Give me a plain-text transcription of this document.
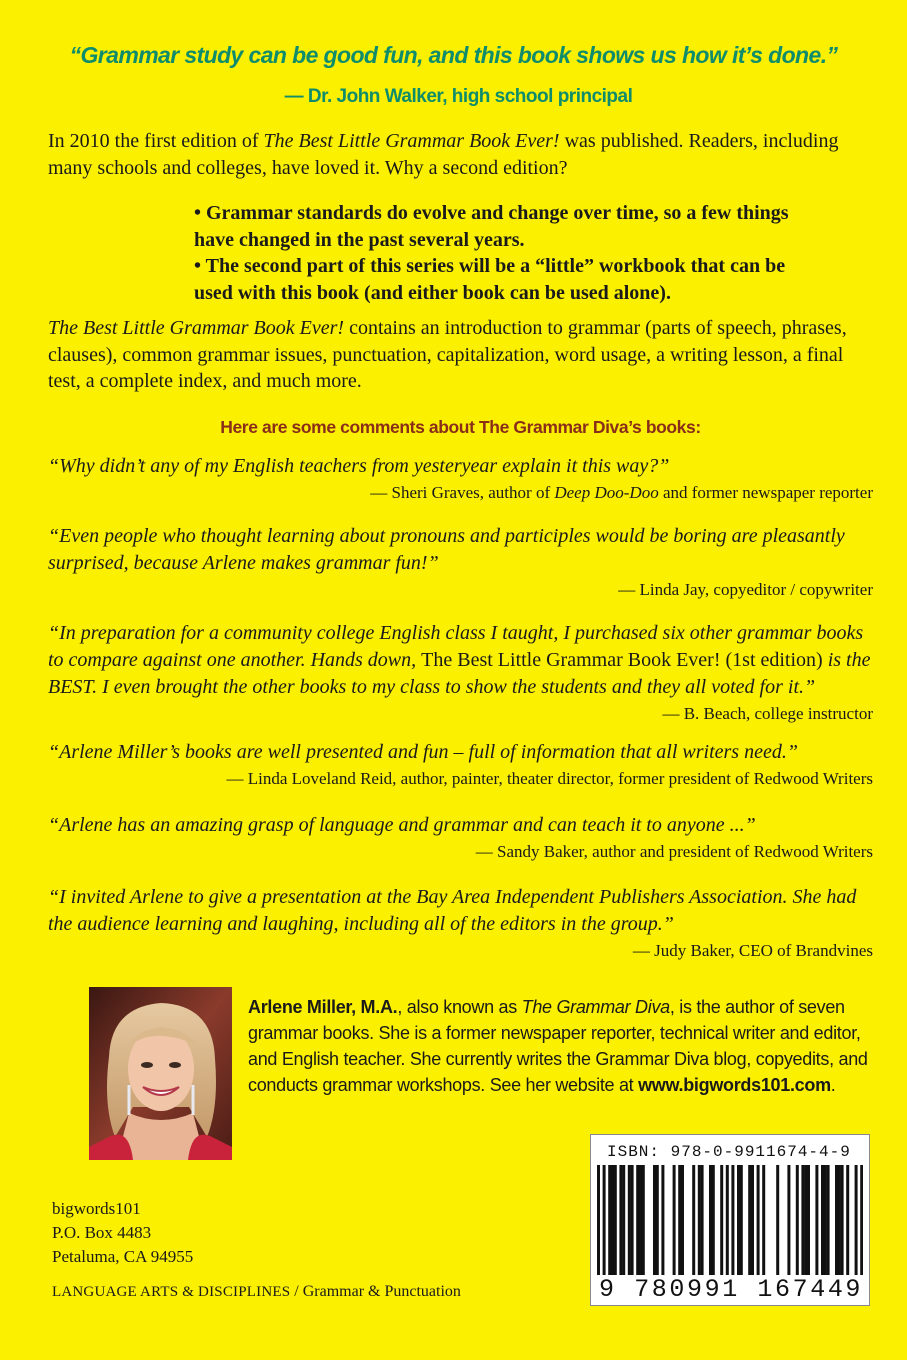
“Grammar study can be good fun, and this book shows us how it’s done.”
— Dr. John Walker, high school principal
In 2010 the first edition of The Best Little Grammar Book Ever! was published. Readers, including many schools and colleges, have loved it. Why a second edition?
• Grammar standards do evolve and change over time, so a few things have changed in the past several years.
• The second part of this series will be a “little” workbook that can be used with this book (and either book can be used alone).
The Best Little Grammar Book Ever! contains an introduction to grammar (parts of speech, phrases, clauses), common grammar issues, punctuation, capitalization, word usage, a writing lesson, a final test, a complete index, and much more.
Here are some comments about The Grammar Diva’s books:
“Why didn’t any of my English teachers from yesteryear explain it this way?”
— Sheri Graves, author of Deep Doo-Doo and former newspaper reporter
“Even people who thought learning about pronouns and participles would be boring are pleasantly surprised, because Arlene makes grammar fun!”
— Linda Jay, copyeditor / copywriter
“In preparation for a community college English class I taught, I purchased six other grammar books to compare against one another. Hands down, The Best Little Grammar Book Ever! (1st edition) is the BEST. I even brought the other books to my class to show the students and they all voted for it.”
— B. Beach, college instructor
“Arlene Miller’s books are well presented and fun – full of information that all writers need.”
— Linda Loveland Reid, author, painter, theater director, former president of Redwood Writers
“Arlene has an amazing grasp of language and grammar and can teach it to anyone ...”
— Sandy Baker, author and president of Redwood Writers
“I invited Arlene to give a presentation at the Bay Area Independent Publishers Association. She had the audience learning and laughing, including all of the editors in the group.”
— Judy Baker, CEO of Brandvines
Arlene Miller, M.A., also known as The Grammar Diva, is the author of seven grammar books. She is a former newspaper reporter, technical writer and editor, and English teacher. She currently writes the Grammar Diva blog, copyedits, and conducts grammar workshops. See her website at www.bigwords101.com.
ISBN: 978-0-9911674-4-9
9 780991 167449
bigwords101
P.O. Box 4483
Petaluma, CA 94955
LANGUAGE ARTS & DISCIPLINES / Grammar & Punctuation
